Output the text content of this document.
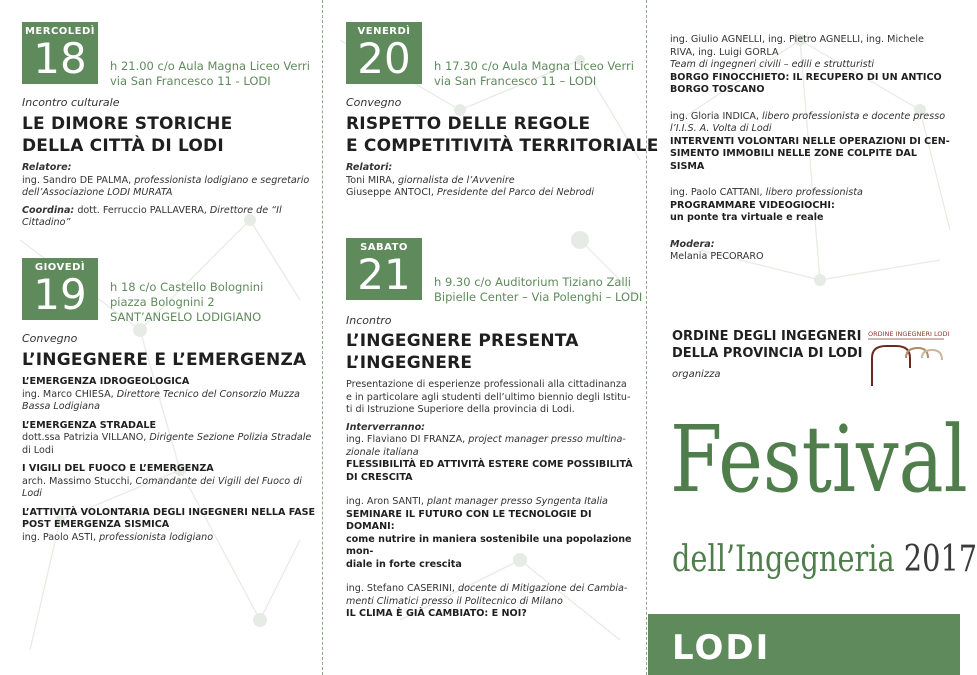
MERCOLEDÌ
18	h 21.00 c/o Aula Magna Liceo Verri
via San Francesco 11 - LODI
Incontro culturale
LE DIMORE STORICHE
DELLA CITTÀ DI LODI
Relatore:
ing. Sandro DE PALMA, professionista lodigiano e segretario
dell’Associazione LODI MURATA
Coordina: dott. Ferruccio PALLAVERA, Direttore de “Il Cittadino”
GIOVEDÌ
19	h 18 c/o Castello Bolognini
piazza Bolognini 2
SANT’ANGELO LODIGIANO
Convegno
L’INGEGNERE E L’EMERGENZA
L’EMERGENZA IDROGEOLOGICA
ing. Marco CHIESA, Direttore Tecnico del Consorzio Muzza
Bassa Lodigiana
L’EMERGENZA STRADALE
dott.ssa Patrizia VILLANO, Dirigente Sezione Polizia Stradale
di Lodi
I VIGILI DEL FUOCO E L’EMERGENZA
arch. Massimo Stucchi, Comandante dei Vigili del Fuoco di Lodi
L’ATTIVITÀ VOLONTARIA DEGLI INGEGNERI NELLA FASE
POST EMERGENZA SISMICA
ing. Paolo ASTI, professionista lodigiano
VENERDÌ
20	h 17.30 c/o Aula Magna Liceo Verri
via San Francesco 11 – LODI
Convegno
RISPETTO DELLE REGOLE
E COMPETITIVITÀ TERRITORIALE
Relatori:
Toni MIRA, giornalista de l’Avvenire
Giuseppe ANTOCI, Presidente del Parco dei Nebrodi
SABATO
21	h 9.30 c/o Auditorium Tiziano Zalli
Bipielle Center – Via Polenghi – LODI
Incontro
L’INGEGNERE PRESENTA
L’INGEGNERE
Presentazione di esperienze professionali alla cittadinanza
e in particolare agli studenti dell’ultimo biennio degli Istitu-
ti di Istruzione Superiore della provincia di Lodi.
Interverranno:
ing. Flaviano DI FRANZA, project manager presso multina-
zionale italiana
FLESSIBILITÀ ED ATTIVITÀ ESTERE COME POSSIBILITÀ
DI CRESCITA
ing. Aron SANTI, plant manager presso Syngenta Italia
SEMINARE IL FUTURO CON LE TECNOLOGIE DI DOMANI:
come nutrire in maniera sostenibile una popolazione mon-
diale in forte crescita
ing. Stefano CASERINI, docente di Mitigazione dei Cambia-
menti Climatici presso il Politecnico di Milano
IL CLIMA È GIÀ CAMBIATO: E NOI?
ing. Giulio AGNELLI, ing. Pietro AGNELLI, ing. Michele
RIVA, ing. Luigi GORLA
Team di ingegneri civili – edili e strutturisti
BORGO FINOCCHIETO: IL RECUPERO DI UN ANTICO
BORGO TOSCANO
ing. Gloria INDICA, libero professionista e docente presso
l’I.I.S. A. Volta di Lodi
INTERVENTI VOLONTARI NELLE OPERAZIONI DI CEN-
SIMENTO IMMOBILI NELLE ZONE COLPITE DAL SISMA
ing. Paolo CATTANI, libero professionista
PROGRAMMARE VIDEOGIOCHI:
un ponte tra virtuale e reale
Modera:
Melania PECORARO
ORDINE DEGLI INGEGNERI
DELLA PROVINCIA DI LODI
organizza
ORDINE INGEGNERI LODI
Festival
dell’Ingegneria 2017
LODI
